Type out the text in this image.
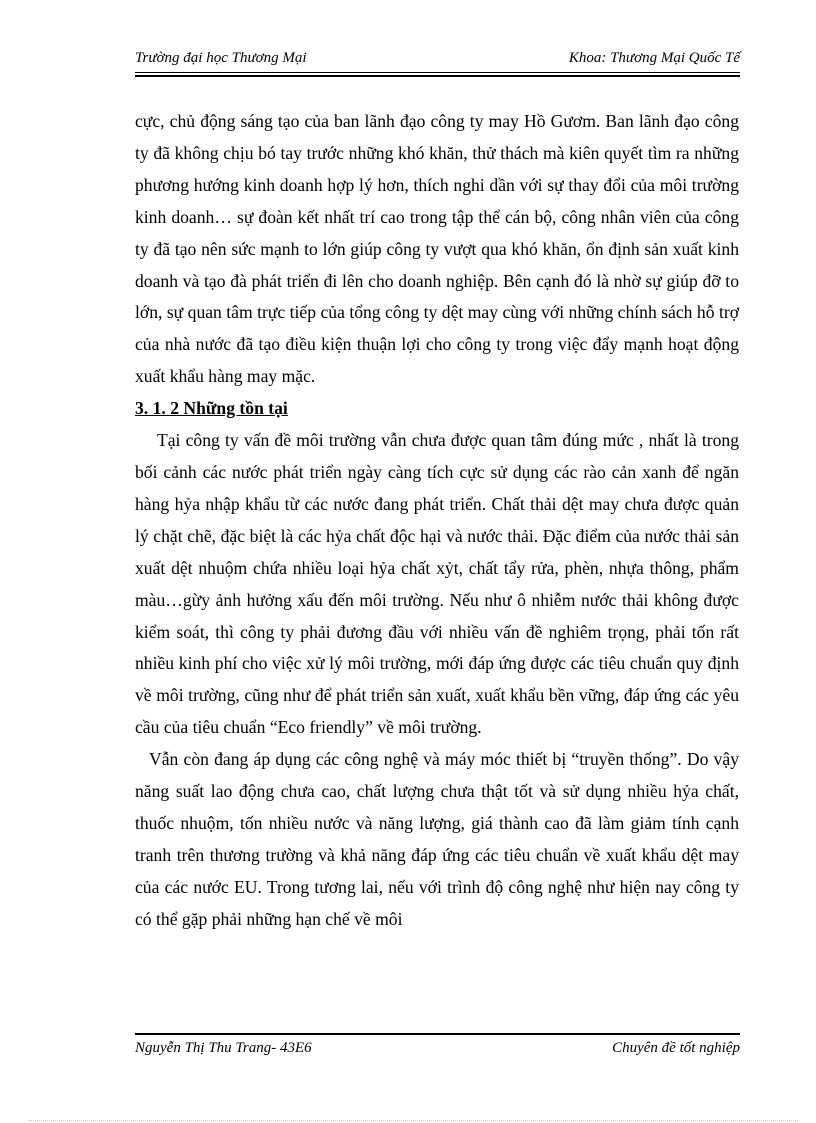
Trường đại học Thương Mại	Khoa: Thương Mại Quốc Tế

cực, chủ động sáng tạo của ban lãnh đạo công ty may Hồ Gươm. Ban lãnh đạo công ty đã không chịu bó tay trước những khó khăn, thử thách mà kiên quyết tìm ra những phương hướng kinh doanh hợp lý hơn, thích nghi dần với sự thay đổi của môi trường kinh doanh… sự đoàn kết nhất trí cao trong tập thể cán bộ, công nhân viên của công ty đã tạo nên sức mạnh to lớn giúp công ty vượt qua khó khăn, ổn định sản xuất kinh doanh và tạo đà phát triển đi lên cho doanh nghiệp. Bên cạnh đó là nhờ sự giúp đỡ to lớn, sự quan tâm trực tiếp của tổng công ty dệt may cùng với những chính sách hỗ trợ của nhà nước đã tạo điều kiện thuận lợi cho công ty trong việc đẩy mạnh hoạt động xuất khẩu hàng may mặc.

3. 1. 2 Những tồn tại

Tại công ty vấn đề môi trường vẫn chưa được quan tâm đúng mức , nhất là trong bối cảnh các nước phát triển ngày càng tích cực sử dụng các rào cản xanh để ngăn hàng hỷa nhập khẩu từ các nước đang phát triển. Chất thải dệt may chưa được quản lý chặt chẽ, đặc biệt là các hỷa chất độc hại và nước thải. Đặc điểm của nước thải sản xuất dệt nhuộm chứa nhiều loại hỷa chất xỷt, chất tẩy rửa, phèn, nhựa thông, phẩm màu…gừy ảnh hưởng xấu đến môi trường. Nếu như ô nhiễm nước thải không được kiểm soát, thì công ty phải đương đầu với nhiều vấn đề nghiêm trọng, phải tốn rất nhiều kinh phí cho việc xử lý môi trường, mới đáp ứng được các tiêu chuẩn quy định về môi trường, cũng như để phát triển sản xuất, xuất khẩu bền vững, đáp ứng các yêu cầu của tiêu chuẩn “Eco friendly” về môi trường.

Vẫn còn đang áp dụng các công nghệ và máy móc thiết bị “truyền thống”. Do vậy năng suất lao động chưa cao, chất lượng chưa thật tốt và sử dụng nhiều hỷa chất, thuốc nhuộm, tốn nhiều nước và năng lượng, giá thành cao đã làm giảm tính cạnh tranh trên thương trường và khả năng đáp ứng các tiêu chuẩn về xuất khẩu dệt may của các nước EU. Trong tương lai, nếu với trình độ công nghệ như hiện nay công ty có thể gặp phải những hạn chế về môi

Nguyễn Thị Thu Trang- 43E6	Chuyên đề tốt nghiệp
